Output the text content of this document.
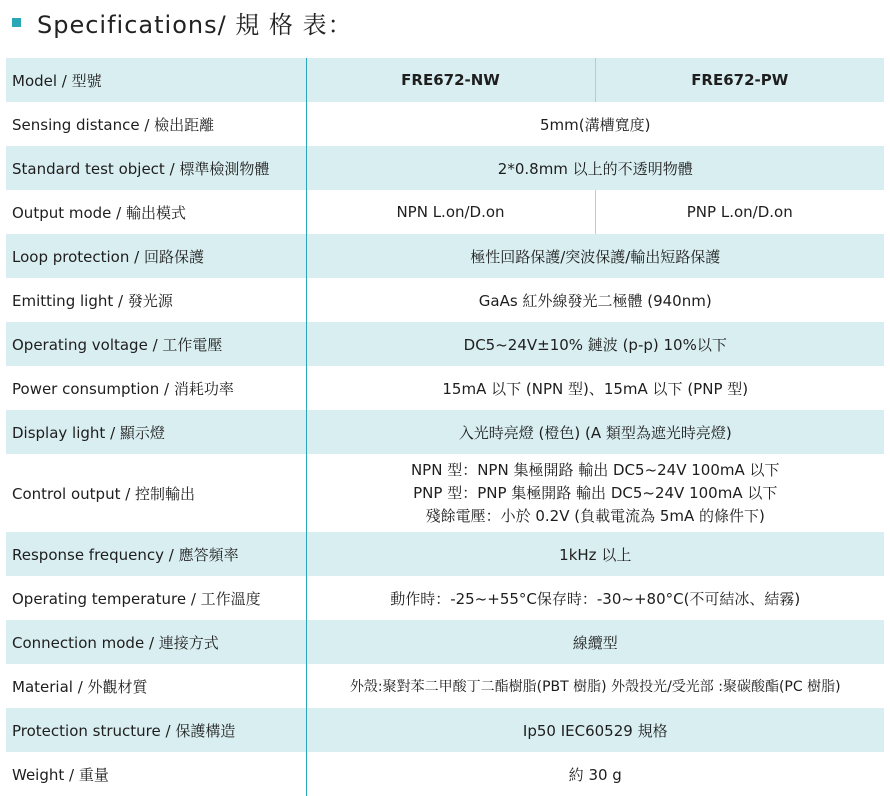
Specifications/ 規 格 表：
Model / 型號	FRE672-NW	FRE672-PW
Sensing distance / 檢出距離	5mm(溝槽寬度)	
Standard test object / 標準檢測物體	2*0.8mm 以上的不透明物體	
Output mode / 輸出模式	NPN L.on/D.on	PNP L.on/D.on
Loop protection / 回路保護	極性回路保護/突波保護/輸出短路保護	
Emitting light / 發光源	GaAs 紅外線發光二極體 (940nm)	
Operating voltage / 工作電壓	DC5~24V±10% 鏈波 (p-p) 10%以下	
Power consumption / 消耗功率	15mA 以下 (NPN 型)、15mA 以下 (PNP 型)	
Display light / 顯示燈	入光時亮燈 (橙色) (A 類型為遮光時亮燈)	
Control output / 控制輸出	NPN 型：NPN 集極開路 輸出 DC5~24V 100mA 以下
PNP 型：PNP 集極開路 輸出 DC5~24V 100mA 以下
殘餘電壓：小於 0.2V (負載電流為 5mA 的條件下)	

Response frequency / 應答頻率	1kHz 以上	
Operating temperature / 工作溫度	動作時：-25~+55°C保存時：-30~+80°C(不可結冰、結霧)	
Connection mode / 連接方式	線纜型	
Material / 外觀材質	外殼:聚對苯二甲酸丁二酯樹脂(PBT 樹脂) 外殼投光/受光部 :聚碳酸酯(PC 樹脂)	
Protection structure / 保護構造	Ip50 IEC60529 規格	
Weight / 重量	約 30 g	
